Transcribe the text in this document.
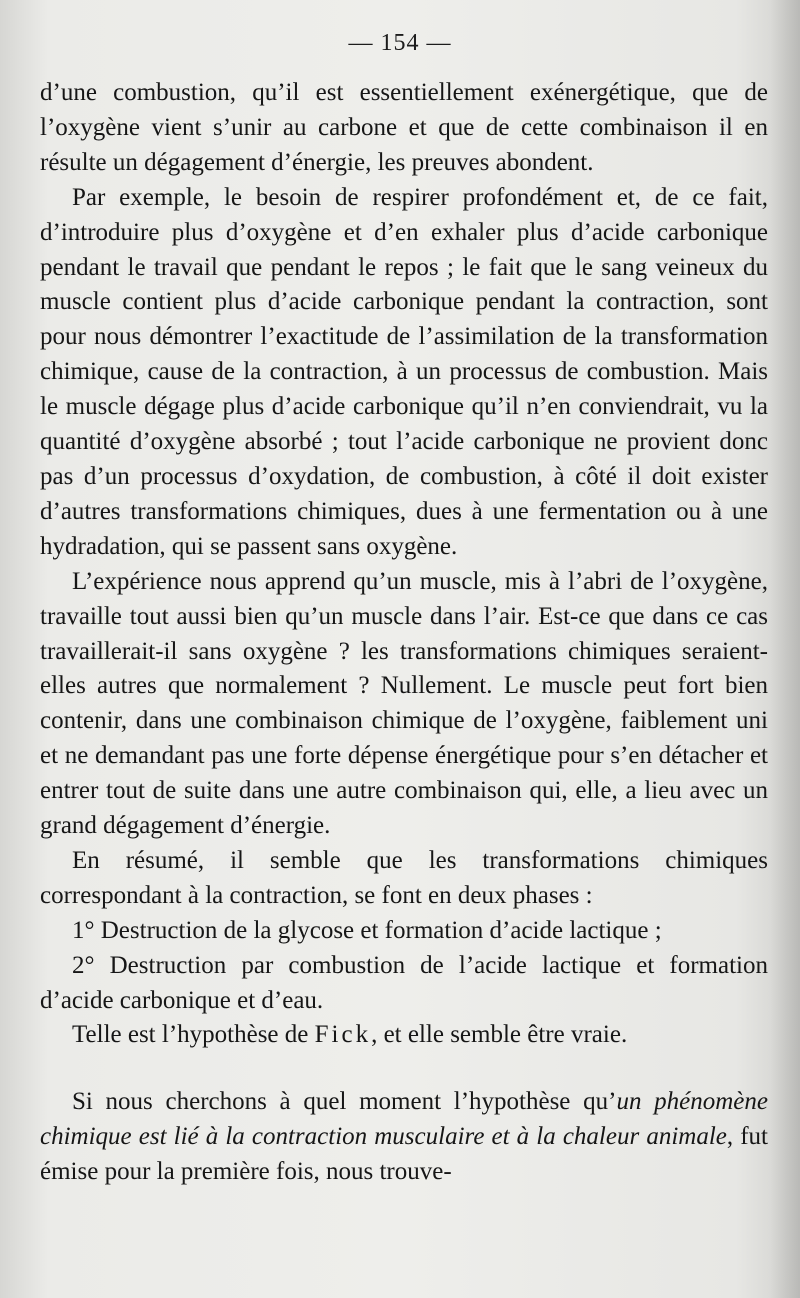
— 154 —

d’une combustion, qu’il est essentiellement exénergétique, que de l’oxygène vient s’unir au carbone et que de cette combinaison il en résulte un dégagement d’énergie, les preuves abondent.

Par exemple, le besoin de respirer profondément et, de ce fait, d’introduire plus d’oxygène et d’en exhaler plus d’acide carbonique pendant le travail que pendant le repos ; le fait que le sang veineux du muscle contient plus d’acide carbonique pendant la contraction, sont pour nous démontrer l’exactitude de l’assimilation de la transformation chimique, cause de la contraction, à un processus de combustion. Mais le muscle dégage plus d’acide carbonique qu’il n’en conviendrait, vu la quantité d’oxygène absorbé ; tout l’acide carbonique ne provient donc pas d’un processus d’oxydation, de combustion, à côté il doit exister d’autres transformations chimiques, dues à une fermentation ou à une hydradation, qui se passent sans oxygène.

L’expérience nous apprend qu’un muscle, mis à l’abri de l’oxygène, travaille tout aussi bien qu’un muscle dans l’air. Est-ce que dans ce cas travaillerait-il sans oxygène ? les transformations chimiques seraient-elles autres que normalement ? Nullement. Le muscle peut fort bien contenir, dans une combinaison chimique de l’oxygène, faiblement uni et ne demandant pas une forte dépense énergétique pour s’en détacher et entrer tout de suite dans une autre combinaison qui, elle, a lieu avec un grand dégagement d’énergie.

En résumé, il semble que les transformations chimiques correspondant à la contraction, se font en deux phases :

1° Destruction de la glycose et formation d’acide lactique ;

2° Destruction par combustion de l’acide lactique et formation d’acide carbonique et d’eau.

Telle est l’hypothèse de Fick, et elle semble être vraie.

Si nous cherchons à quel moment l’hypothèse qu’un phénomène chimique est lié à la contraction musculaire et à la chaleur animale, fut émise pour la première fois, nous trouve-
